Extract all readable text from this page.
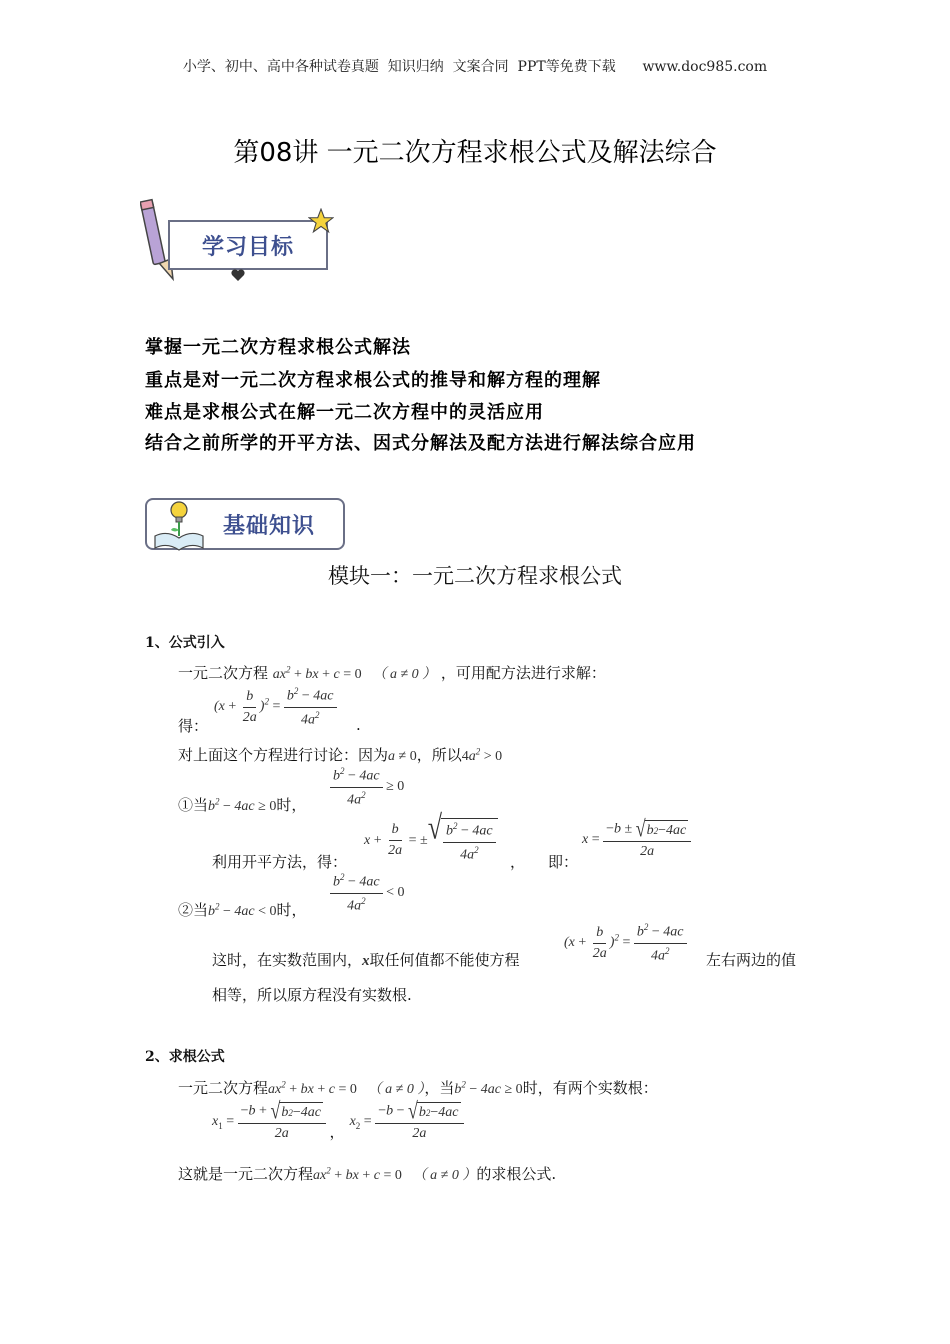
小学、初中、高中各种试卷真题  知识归纳  文案合同  PPT等免费下载 www.doc985.com
第08讲 一元二次方程求根公式及解法综合
学习目标
掌握一元二次方程求根公式解法
重点是对一元二次方程求根公式的推导和解方程的理解
难点是求根公式在解一元二次方程中的灵活应用
结合之前所学的开平方法、因式分解法及配方法进行解法综合应用
基础知识
模块一：一元二次方程求根公式
1、公式引入
一元二次方程 $ax^2$ + bx + c = 0 （ a ≠ 0 ） ，可用配方法进行求解：
$(x + \frac{b}{2a} )^2 = \frac{b^2 - 4ac}{4a^2}$
得：	.
对上面这个方程进行讨论：因为a ≠ 0，所以$4a^2 > 0$
$\frac{b^2 - 4ac}{4a^2} \ge 0$
①当$b^2 - 4ac \ge 0$时，
利用开平方法，得：
$x + \frac{b}{2a}$ = ± √ $\frac{b^2 - 4ac}{4a^2}$ ， 即：
$x = \frac{-b \pm √ b 2 - 4ac}{2a}$
$\frac{b^2 - 4ac}{4a^2} < 0$
②当$b^2 - 4ac < 0$时，
这时，在实数范围内，x取任何值都不能使方程
$(x + \frac{b}{2a} )^2 = \frac{b^2 - 4ac}{4a^2}$ 左右两边的值
相等，所以原方程没有实数根.
2、求根公式
一元二次方程$ax^2$ + bx + c = 0 （ a ≠ 0 ），当$b^2 - 4ac \ge 0$时，有两个实数根：
$x_1 = \frac{-b + √ b 2 - 4ac}{2a}$ ， $x_2 = \frac{-b - √ b 2 - 4ac}{2a}$
这就是一元二次方程$ax^2$ + bx + c = 0 （ a ≠ 0 ）的求根公式.
